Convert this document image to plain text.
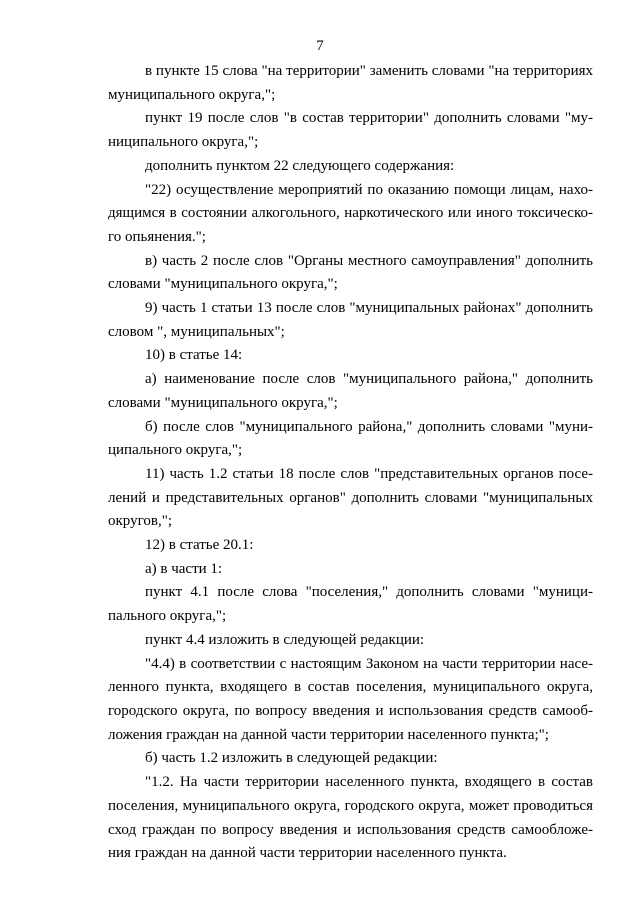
7

в пункте 15 слова "на территории" заменить словами "на территориях муниципального округа,";

пункт 19 после слов "в состав территории" дополнить словами "муниципального округа,";

дополнить пунктом 22 следующего содержания:

"22) осуществление мероприятий по оказанию помощи лицам, находящимся в состоянии алкогольного, наркотического или иного токсического опьянения.";

в) часть 2 после слов "Органы местного самоуправления" дополнить словами "муниципального округа,";

9) часть 1 статьи 13 после слов "муниципальных районах" дополнить словом ", муниципальных";

10) в статье 14:

а) наименование после слов "муниципального района," дополнить словами "муниципального округа,";

б) после слов "муниципального района," дополнить словами "муниципального округа,";

11) часть 1.2 статьи 18 после слов "представительных органов поселений и представительных органов" дополнить словами "муниципальных округов,";

12) в статье 20.1:

а) в части 1:

пункт 4.1 после слова "поселения," дополнить словами "муниципального округа,";

пункт 4.4 изложить в следующей редакции:

"4.4) в соответствии с настоящим Законом на части территории населенного пункта, входящего в состав поселения, муниципального округа, городского округа, по вопросу введения и использования средств самообложения граждан на данной части территории населенного пункта;";

б) часть 1.2 изложить в следующей редакции:

"1.2. На части территории населенного пункта, входящего в состав поселения, муниципального округа, городского округа, может проводиться сход граждан по вопросу введения и использования средств самообложения граждан на данной части территории населенного пункта.
